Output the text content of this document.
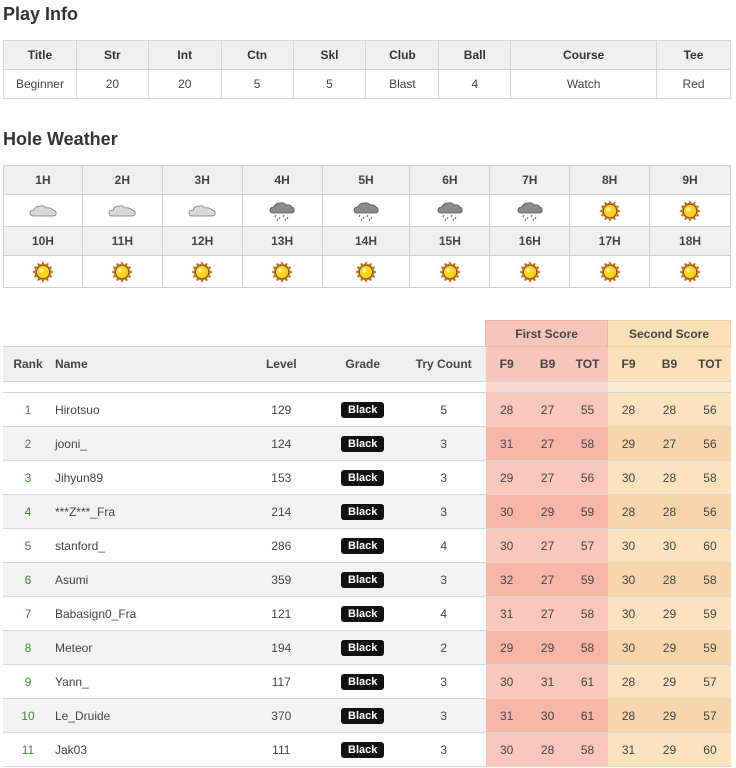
Play Info
Title	Str	Int	Ctn	Skl	Club	Ball	Course	Tee
Beginner	20	20	5	5	Blast	4	Watch	Red
Hole Weather
1H	2H	3H	4H	5H	6H	7H	8H	9H

10H	11H	12H	13H	14H	15H	16H	17H	18H

					First Score			Second Score		
Rank	Name	Level	Grade	Try Count	F9	B9	TOT	F9	B9	TOT

1	Hirotsuo	129	Black	5	28	27	55	28	28	56
2	jooni_	124	Black	3	31	27	58	29	27	56
3	Jihyun89	153	Black	3	29	27	56	30	28	58
4	***Z***_Fra	214	Black	3	30	29	59	28	28	56
5	stanford_	286	Black	4	30	27	57	30	30	60
6	Asumi	359	Black	3	32	27	59	30	28	58
7	Babasign0_Fra	121	Black	4	31	27	58	30	29	59
8	Meteor	194	Black	2	29	29	58	30	29	59
9	Yann_	117	Black	3	30	31	61	28	29	57
10	Le_Druide	370	Black	3	31	30	61	28	29	57
11	Jak03	111	Black	3	30	28	58	31	29	60
